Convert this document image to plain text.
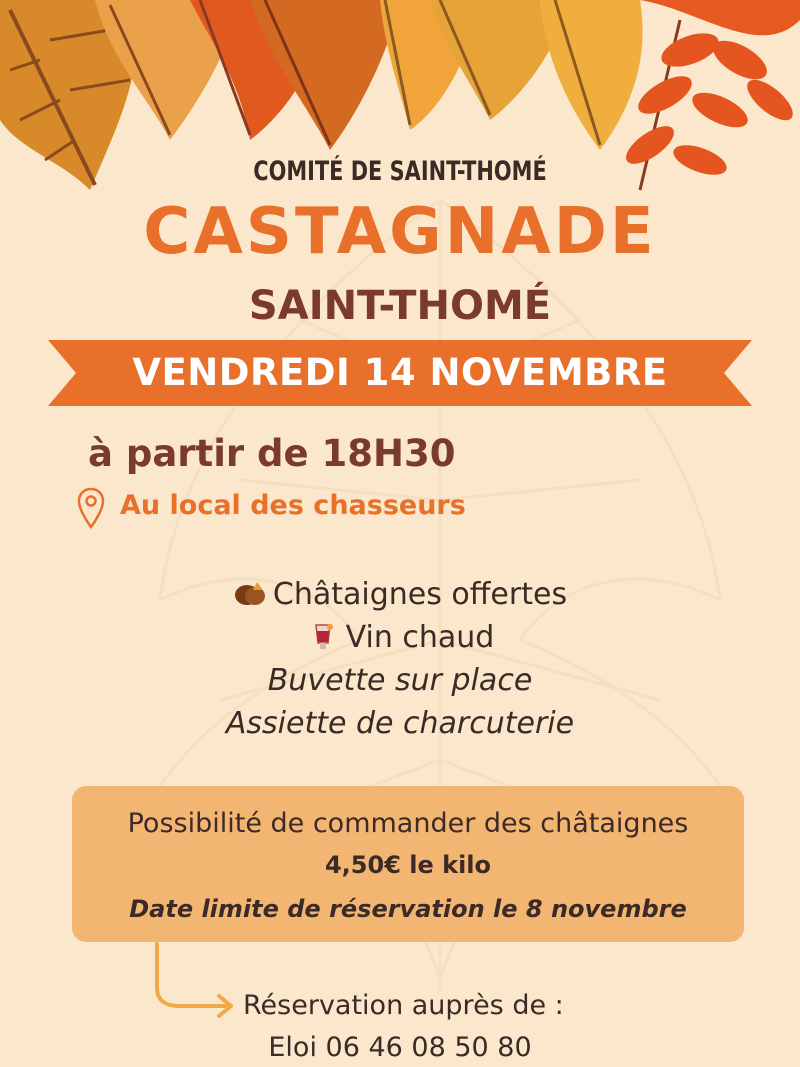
COMITÉ DE SAINT-THOMÉ
CASTAGNADE
SAINT-THOMÉ
VENDREDI 14 NOVEMBRE
à partir de 18H30
Au local des chasseurs
Châtaignes offertes
Vin chaud
Buvette sur place
Assiette de charcuterie
Possibilité de commander des châtaignes
4,50€ le kilo
Date limite de réservation le 8 novembre
Réservation auprès de :
Eloi 06 46 08 50 80
